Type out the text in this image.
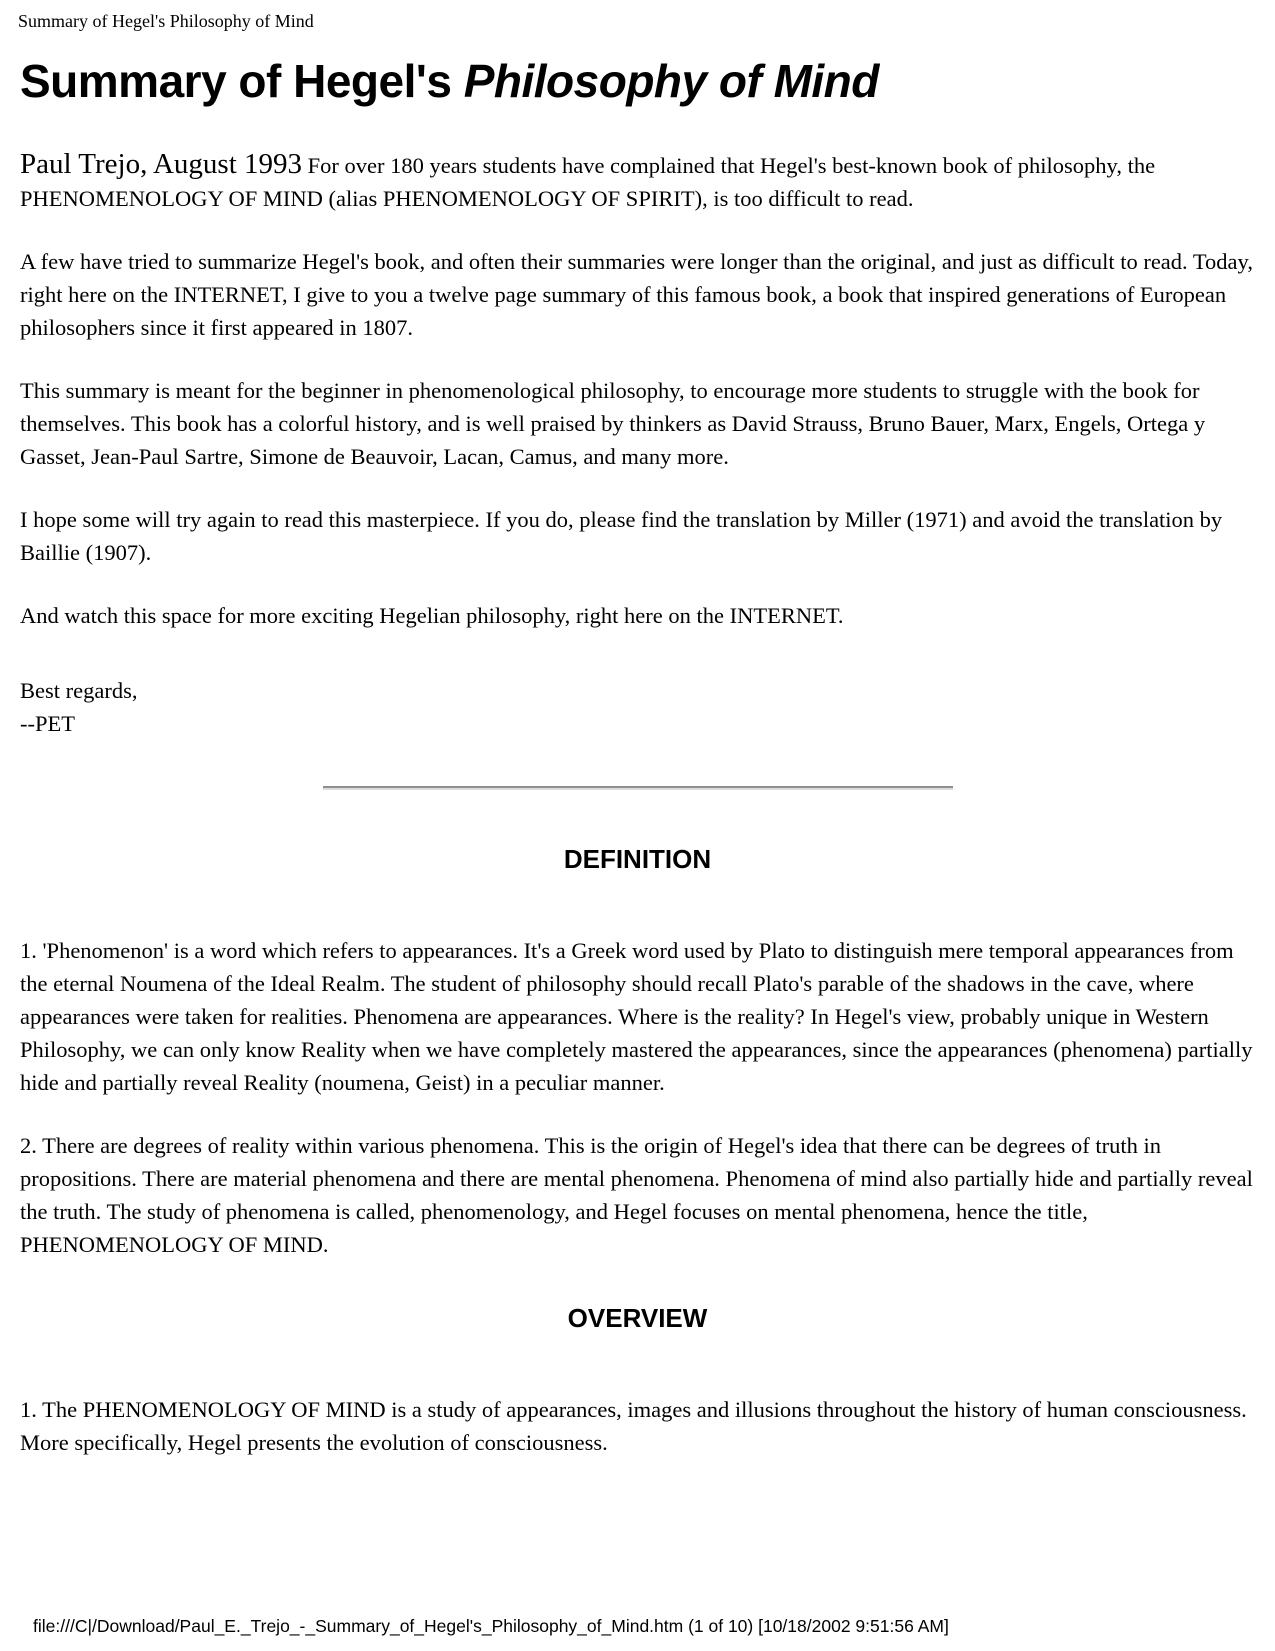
Summary of Hegel's Philosophy of Mind
Summary of Hegel's Philosophy of Mind

Paul Trejo, August 1993 For over 180 years students have complained that Hegel's best-known book of philosophy, the PHENOMENOLOGY OF MIND (alias PHENOMENOLOGY OF SPIRIT), is too difficult to read.

A few have tried to summarize Hegel's book, and often their summaries were longer than the original, and just as difficult to read. Today, right here on the INTERNET, I give to you a twelve page summary of this famous book, a book that inspired generations of European philosophers since it first appeared in 1807.

This summary is meant for the beginner in phenomenological philosophy, to encourage more students to struggle with the book for themselves. This book has a colorful history, and is well praised by thinkers as David Strauss, Bruno Bauer, Marx, Engels, Ortega y Gasset, Jean-Paul Sartre, Simone de Beauvoir, Lacan, Camus, and many more.

I hope some will try again to read this masterpiece. If you do, please find the translation by Miller (1971) and avoid the translation by Baillie (1907).

And watch this space for more exciting Hegelian philosophy, right here on the INTERNET.

Best regards,
--PET

DEFINITION

1. 'Phenomenon' is a word which refers to appearances. It's a Greek word used by Plato to distinguish mere temporal appearances from the eternal Noumena of the Ideal Realm. The student of philosophy should recall Plato's parable of the shadows in the cave, where appearances were taken for realities. Phenomena are appearances. Where is the reality? In Hegel's view, probably unique in Western Philosophy, we can only know Reality when we have completely mastered the appearances, since the appearances (phenomena) partially hide and partially reveal Reality (noumena, Geist) in a peculiar manner.

2. There are degrees of reality within various phenomena. This is the origin of Hegel's idea that there can be degrees of truth in propositions. There are material phenomena and there are mental phenomena. Phenomena of mind also partially hide and partially reveal the truth. The study of phenomena is called, phenomenology, and Hegel focuses on mental phenomena, hence the title, PHENOMENOLOGY OF MIND.

OVERVIEW

1. The PHENOMENOLOGY OF MIND is a study of appearances, images and illusions throughout the history of human consciousness. More specifically, Hegel presents the evolution of consciousness.

file:///C|/Download/Paul_E._Trejo_-_Summary_of_Hegel's_Philosophy_of_Mind.htm (1 of 10) [10/18/2002 9:51:56 AM]
